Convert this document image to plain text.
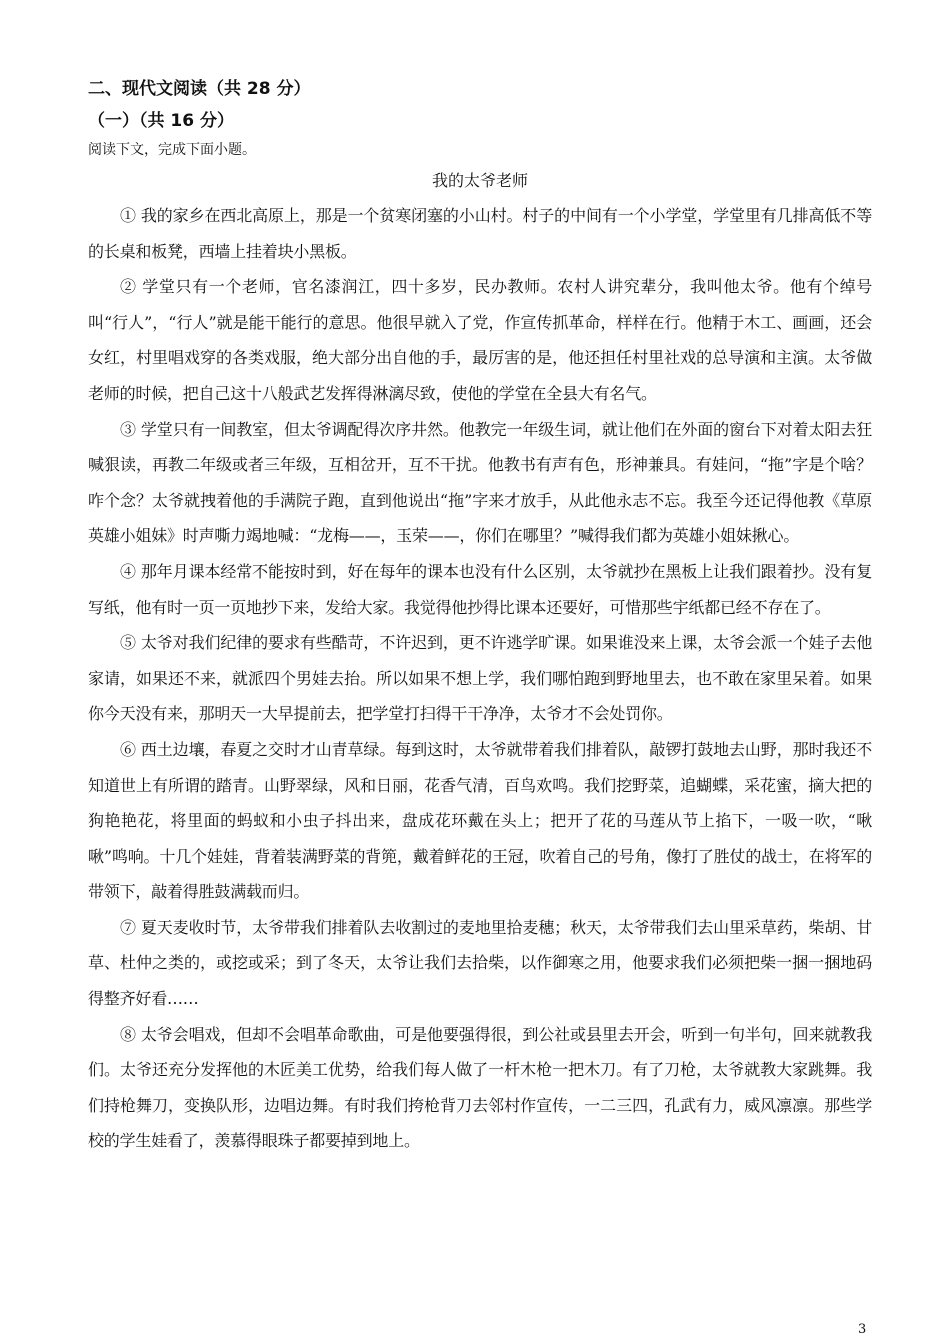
二、现代文阅读（共 28 分）
（一）（共 16 分）
阅读下文，完成下面小题。
我的太爷老师

① 我的家乡在西北高原上，那是一个贫寒闭塞的小山村。村子的中间有一个小学堂，学堂里有几排高低不等的长桌和板凳，西墙上挂着块小黑板。

② 学堂只有一个老师，官名漆润江，四十多岁，民办教师。农村人讲究辈分，我叫他太爷。他有个绰号叫“行人”，“行人”就是能干能行的意思。他很早就入了党，作宣传抓革命，样样在行。他精于木工、画画，还会女红，村里唱戏穿的各类戏服，绝大部分出自他的手，最厉害的是，他还担任村里社戏的总导演和主演。太爷做老师的时候，把自己这十八般武艺发挥得淋漓尽致，使他的学堂在全县大有名气。

③ 学堂只有一间教室，但太爷调配得次序井然。他教完一年级生词，就让他们在外面的窗台下对着太阳去狂喊狠读，再教二年级或者三年级，互相岔开，互不干扰。他教书有声有色，形神兼具。有娃问，“拖”字是个啥？咋个念？太爷就拽着他的手满院子跑，直到他说出“拖”字来才放手，从此他永志不忘。我至今还记得他教《草原英雄小姐妹》时声嘶力竭地喊：“龙梅——，玉荣——，你们在哪里？”喊得我们都为英雄小姐妹揪心。

④ 那年月课本经常不能按时到，好在每年的课本也没有什么区别，太爷就抄在黑板上让我们跟着抄。没有复写纸，他有时一页一页地抄下来，发给大家。我觉得他抄得比课本还要好，可惜那些宇纸都已经不存在了。

⑤ 太爷对我们纪律的要求有些酷苛，不许迟到，更不许逃学旷课。如果谁没来上课，太爷会派一个娃子去他家请，如果还不来，就派四个男娃去抬。所以如果不想上学，我们哪怕跑到野地里去，也不敢在家里呆着。如果你今天没有来，那明天一大早提前去，把学堂打扫得干干净净，太爷才不会处罚你。

⑥ 西土边壤，春夏之交时才山青草绿。每到这时，太爷就带着我们排着队，敲锣打鼓地去山野，那时我还不知道世上有所谓的踏青。山野翠绿，风和日丽，花香气清，百鸟欢鸣。我们挖野菜，追蝴蝶，采花蜜，摘大把的狗艳艳花，将里面的蚂蚁和小虫子抖出来，盘成花环戴在头上；把开了花的马莲从节上掐下，一吸一吹，“啾啾”鸣响。十几个娃娃，背着装满野菜的背篼，戴着鲜花的王冠，吹着自己的号角，像打了胜仗的战士，在将军的带领下，敲着得胜鼓满载而归。

⑦ 夏天麦收时节，太爷带我们排着队去收割过的麦地里拾麦穗；秋天，太爷带我们去山里采草药，柴胡、甘草、杜仲之类的，或挖或采；到了冬天，太爷让我们去拾柴，以作御寒之用，他要求我们必须把柴一捆一捆地码得整齐好看……

⑧ 太爷会唱戏，但却不会唱革命歌曲，可是他要强得很，到公社或县里去开会，听到一句半句，回来就教我们。太爷还充分发挥他的木匠美工优势，给我们每人做了一杆木枪一把木刀。有了刀枪，太爷就教大家跳舞。我们持枪舞刀，变换队形，边唱边舞。有时我们挎枪背刀去邻村作宣传，一二三四，孔武有力，威风凛凛。那些学校的学生娃看了，羡慕得眼珠子都要掉到地上。

3
